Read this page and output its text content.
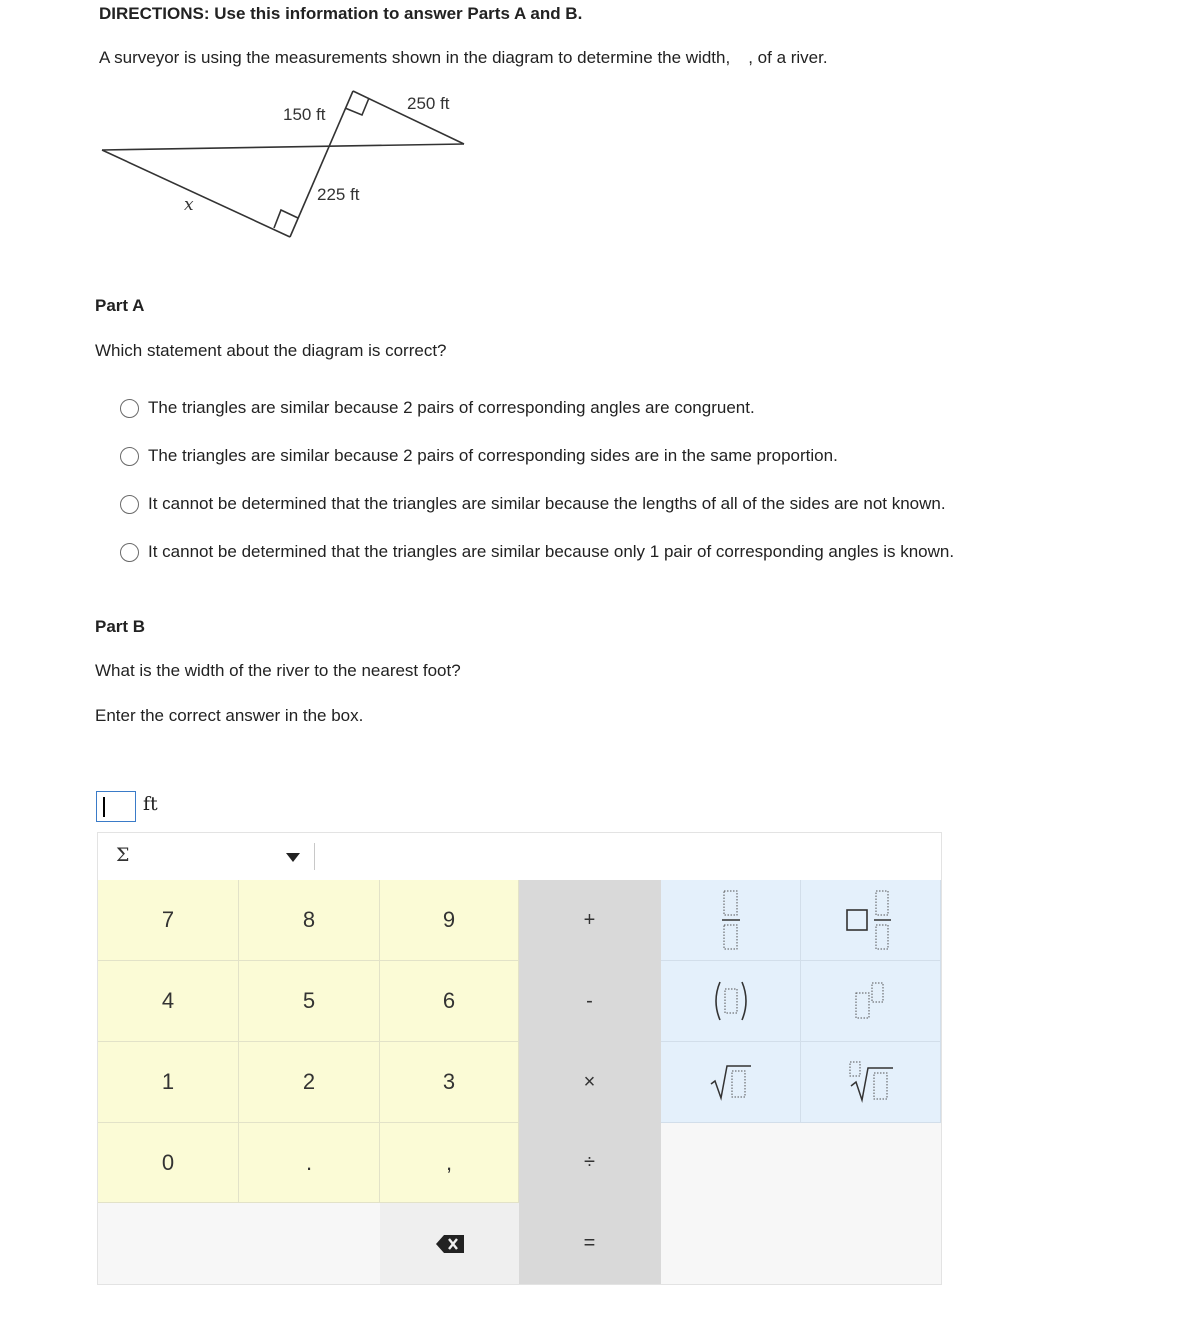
DIRECTIONS: Use this information to answer Parts A and B.
A surveyor is using the measurements shown in the diagram to determine the width, , of a river.
150 ft
250 ft
225 ft
x
Part A
Which statement about the diagram is correct?
The triangles are similar because 2 pairs of corresponding angles are congruent.
The triangles are similar because 2 pairs of corresponding sides are in the same proportion.
It cannot be determined that the triangles are similar because the lengths of all of the sides are not known.
It cannot be determined that the triangles are similar because only 1 pair of corresponding angles is known.
Part B
What is the width of the river to the nearest foot?
Enter the correct answer in the box.
ft
Σ
7	8	9
4	5	6
1	2	3
0	.	,
+
-
×
÷
=
